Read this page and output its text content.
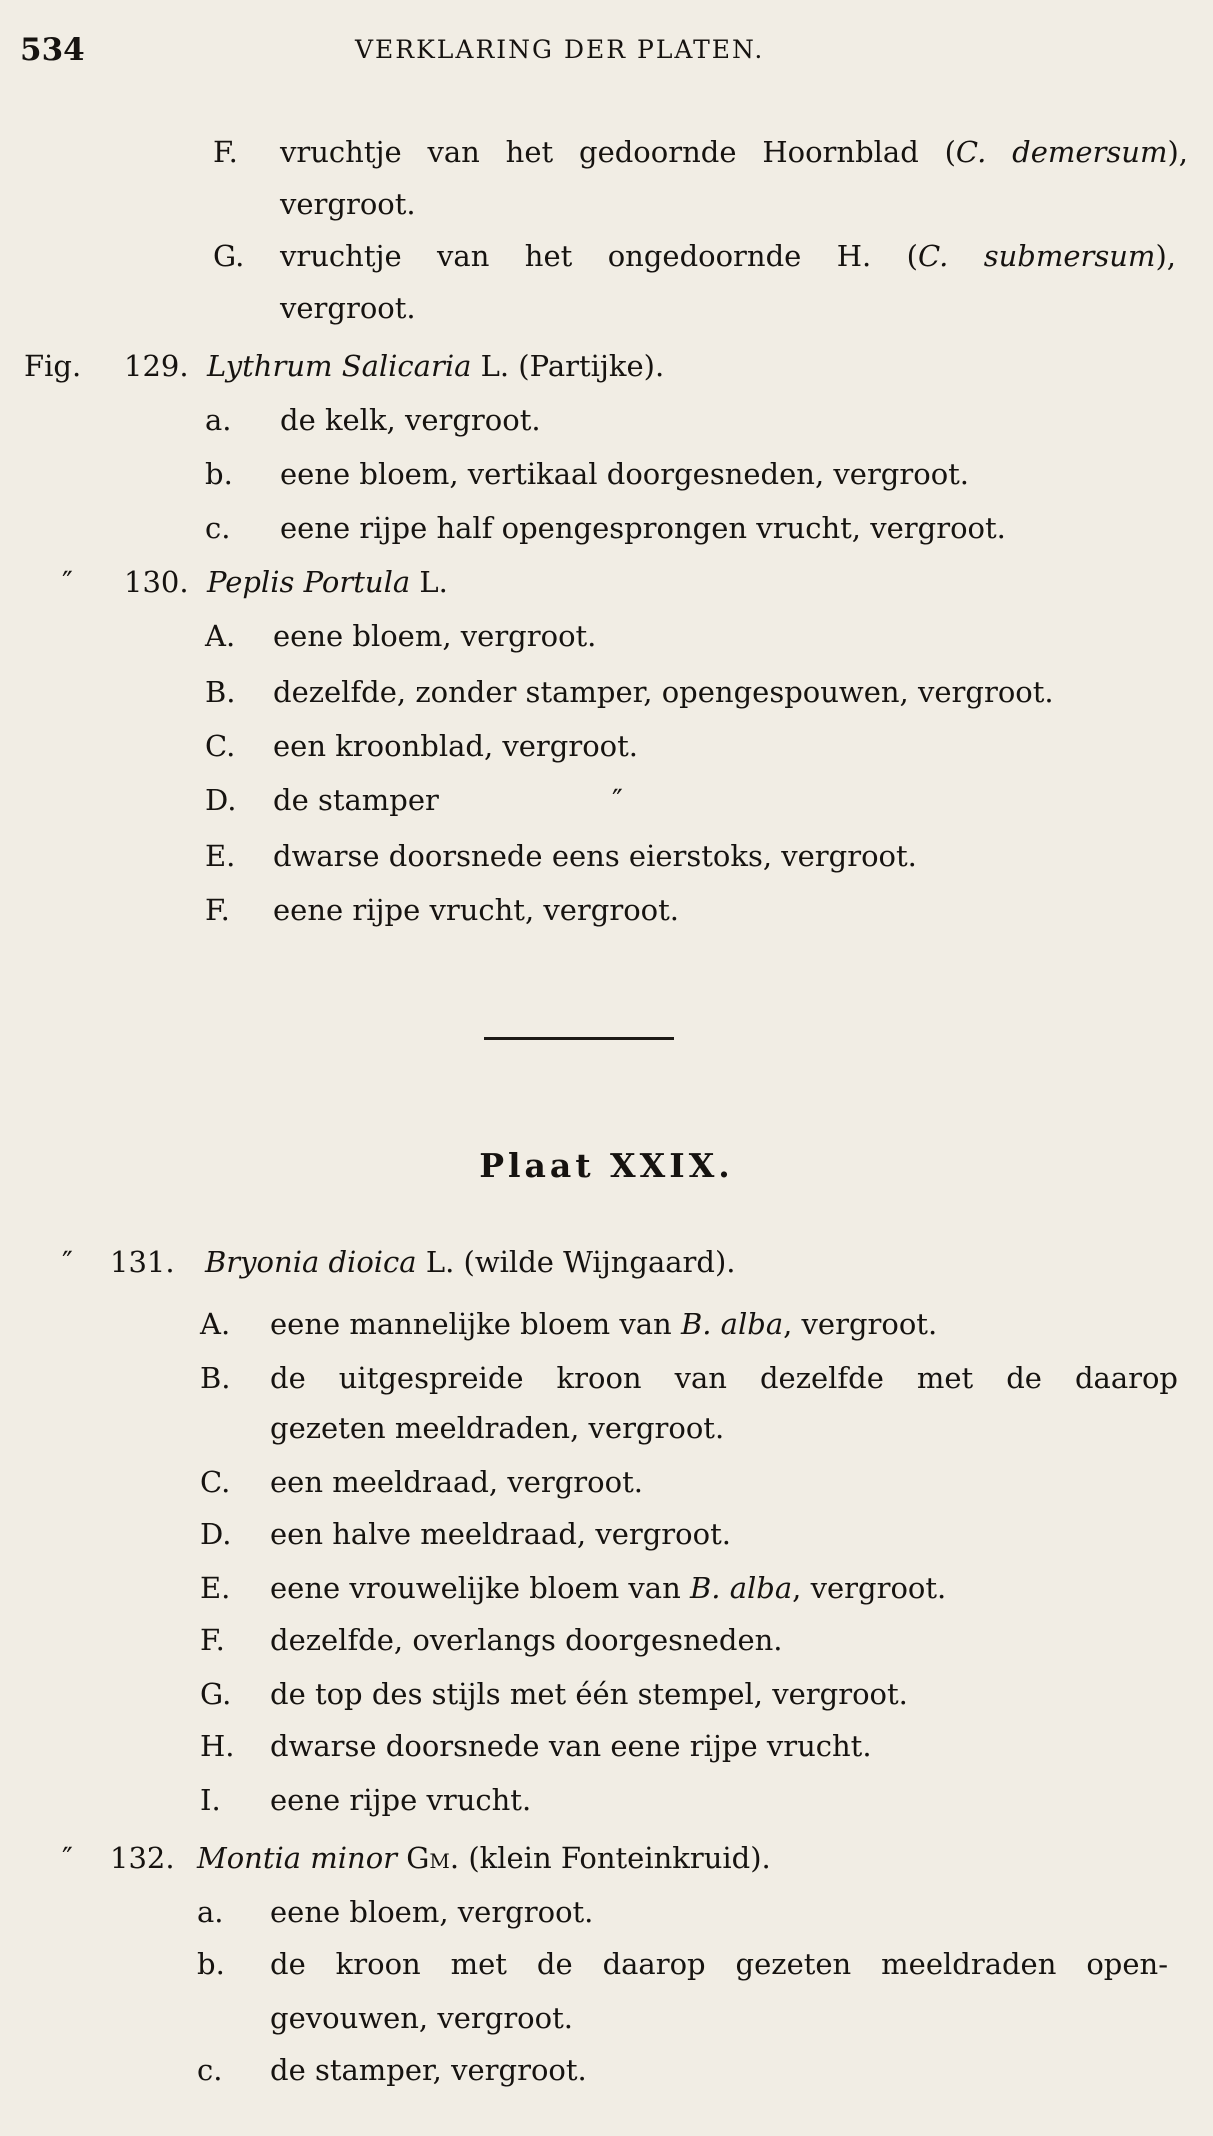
534	VERKLARING DER PLATEN.
F. vruchtje van het gedoornde Hoornblad (C. demersum),
vergroot.
G. vruchtje van het ongedoornde H. (C. submersum),
vergroot.
Fig. 129. Lythrum Salicaria L. (Partijke).
a. de kelk, vergroot.
b. eene bloem, vertikaal doorgesneden, vergroot.
c. eene rijpe half opengesprongen vrucht, vergroot.
″ 130. Peplis Portula L.
A. eene bloem, vergroot.
B. dezelfde, zonder stamper, opengespouwen, vergroot.
C. een kroonblad, vergroot.
D. de stamper	″
E. dwarse doorsnede eens eierstoks, vergroot.
F. eene rijpe vrucht, vergroot.
Plaat XXIX.
″ 131. Bryonia dioica L. (wilde Wijngaard).
A. eene mannelijke bloem van B. alba, vergroot.
B. de uitgespreide kroon van dezelfde met de daarop
gezeten meeldraden, vergroot.
C. een meeldraad, vergroot.
D. een halve meeldraad, vergroot.
E. eene vrouwelijke bloem van B. alba, vergroot.
F. dezelfde, overlangs doorgesneden.
G. de top des stijls met één stempel, vergroot.
H. dwarse doorsnede van eene rijpe vrucht.
I. eene rijpe vrucht.
″ 132. Montia minor Gm. (klein Fonteinkruid).
a. eene bloem, vergroot.
b. de kroon met de daarop gezeten meeldraden open-
gevouwen, vergroot.
c. de stamper, vergroot.
